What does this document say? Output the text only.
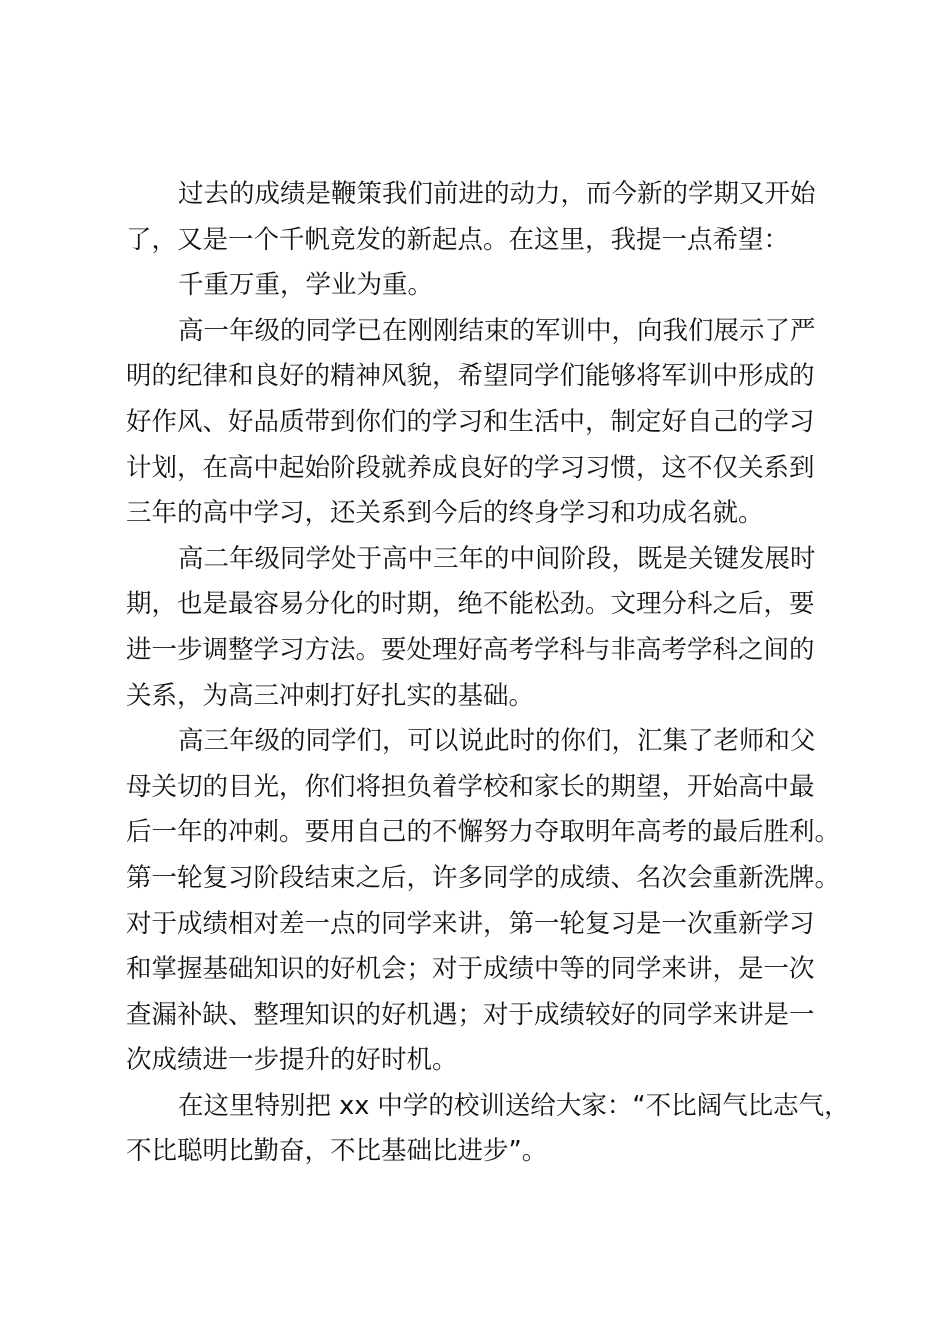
过去的成绩是鞭策我们前进的动力，而今新的学期又开始
了，又是一个千帆竞发的新起点。在这里，我提一点希望：
千重万重，学业为重。
高一年级的同学已在刚刚结束的军训中，向我们展示了严
明的纪律和良好的精神风貌，希望同学们能够将军训中形成的
好作风、好品质带到你们的学习和生活中，制定好自己的学习
计划，在高中起始阶段就养成良好的学习习惯，这不仅关系到
三年的高中学习，还关系到今后的终身学习和功成名就。
高二年级同学处于高中三年的中间阶段，既是关键发展时
期，也是最容易分化的时期，绝不能松劲。文理分科之后，要
进一步调整学习方法。要处理好高考学科与非高考学科之间的
关系，为高三冲刺打好扎实的基础。
高三年级的同学们，可以说此时的你们，汇集了老师和父
母关切的目光，你们将担负着学校和家长的期望，开始高中最
后一年的冲刺。要用自己的不懈努力夺取明年高考的最后胜利。
第一轮复习阶段结束之后，许多同学的成绩、名次会重新洗牌。
对于成绩相对差一点的同学来讲，第一轮复习是一次重新学习
和掌握基础知识的好机会；对于成绩中等的同学来讲，是一次
查漏补缺、整理知识的好机遇；对于成绩较好的同学来讲是一
次成绩进一步提升的好时机。
在这里特别把 xx 中学的校训送给大家：“不比阔气比志气，
不比聪明比勤奋，不比基础比进步”。
